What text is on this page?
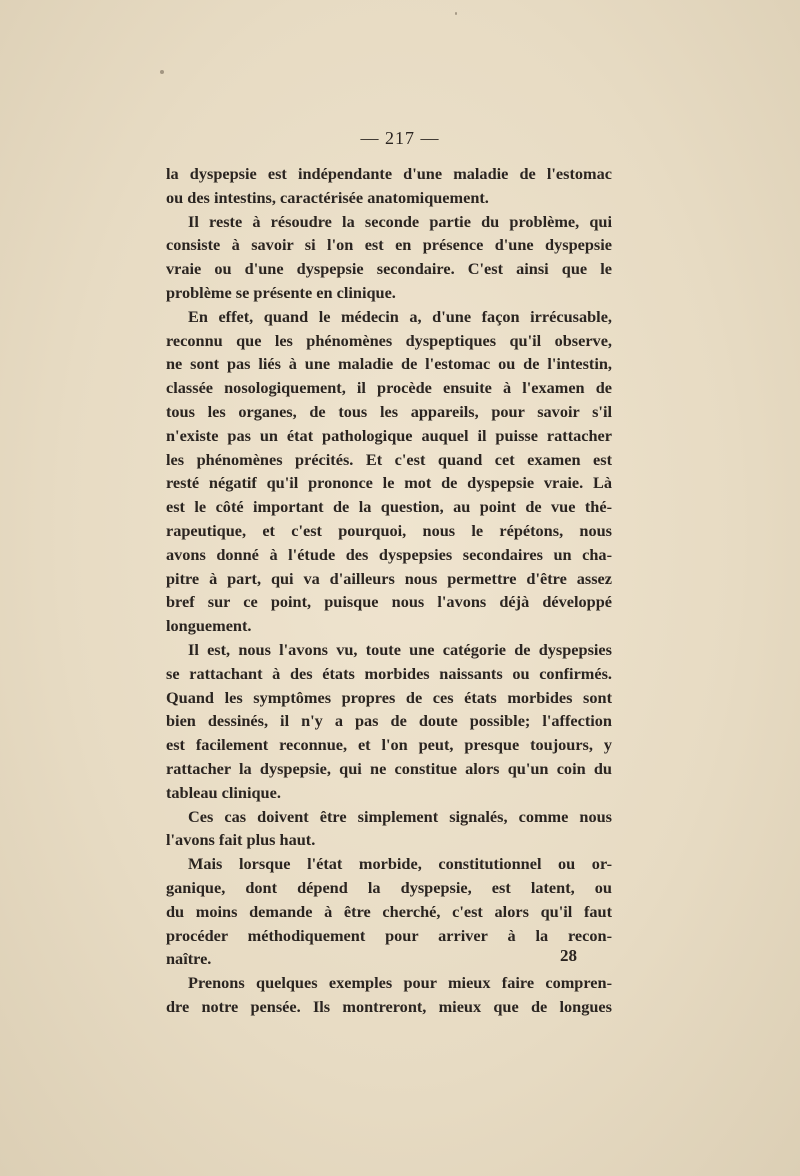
— 217 —
la dyspepsie est indépendante d'une maladie de l'estomac
ou des intestins, caractérisée anatomiquement.
Il reste à résoudre la seconde partie du problème, qui
consiste à savoir si l'on est en présence d'une dyspepsie
vraie ou d'une dyspepsie secondaire. C'est ainsi que le
problème se présente en clinique.
En effet, quand le médecin a, d'une façon irrécusable,
reconnu que les phénomènes dyspeptiques qu'il observe,
ne sont pas liés à une maladie de l'estomac ou de l'intestin,
classée nosologiquement, il procède ensuite à l'examen de
tous les organes, de tous les appareils, pour savoir s'il
n'existe pas un état pathologique auquel il puisse rattacher
les phénomènes précités. Et c'est quand cet examen est
resté négatif qu'il prononce le mot de dyspepsie vraie. Là
est le côté important de la question, au point de vue thé-
rapeutique, et c'est pourquoi, nous le répétons, nous
avons donné à l'étude des dyspepsies secondaires un cha-
pitre à part, qui va d'ailleurs nous permettre d'être assez
bref sur ce point, puisque nous l'avons déjà développé
longuement.
Il est, nous l'avons vu, toute une catégorie de dyspepsies
se rattachant à des états morbides naissants ou confirmés.
Quand les symptômes propres de ces états morbides sont
bien dessinés, il n'y a pas de doute possible; l'affection
est facilement reconnue, et l'on peut, presque toujours, y
rattacher la dyspepsie, qui ne constitue alors qu'un coin du
tableau clinique.
Ces cas doivent être simplement signalés, comme nous
l'avons fait plus haut.
Mais lorsque l'état morbide, constitutionnel ou or-
ganique, dont dépend la dyspepsie, est latent, ou
du moins demande à être cherché, c'est alors qu'il faut
procéder méthodiquement pour arriver à la recon-
naître.
Prenons quelques exemples pour mieux faire compren-
dre notre pensée. Ils montreront, mieux que de longues
28
